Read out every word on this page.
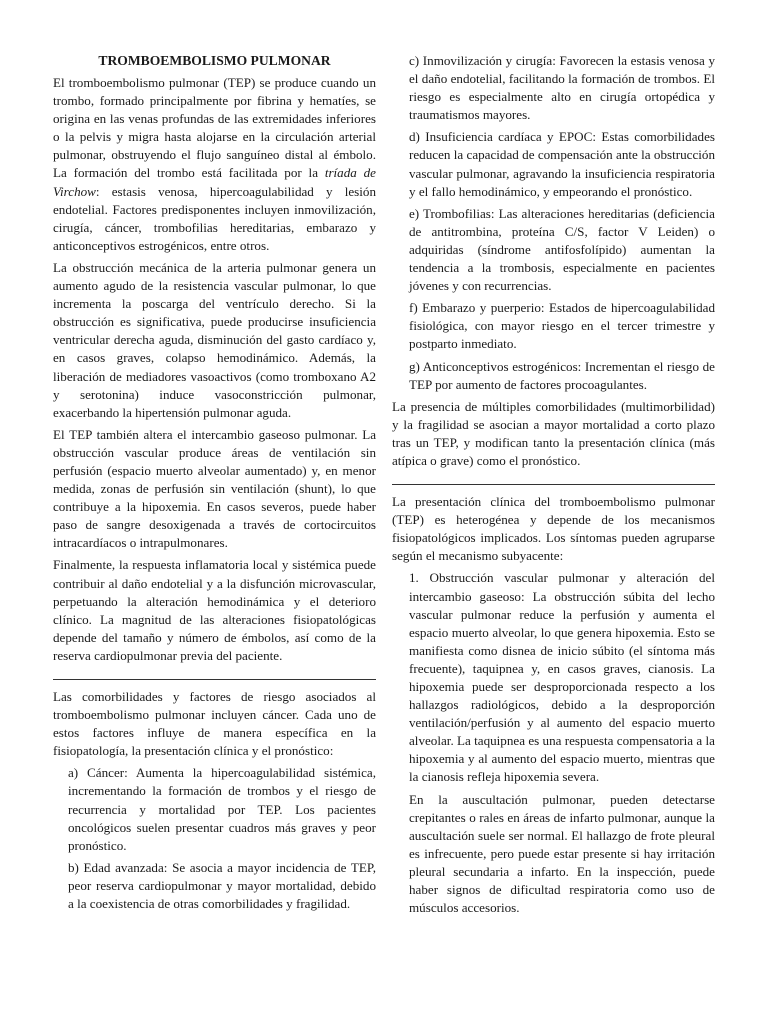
TROMBOEMBOLISMO PULMONAR

El tromboembolismo pulmonar (TEP) se produce cuando un trombo, formado principalmente por fibrina y hematíes, se origina en las venas profundas de las extremidades inferiores o la pelvis y migra hasta alojarse en la circulación arterial pulmonar, obstruyendo el flujo sanguíneo distal al émbolo. La formación del trombo está facilitada por la tríada de Virchow: estasis venosa, hipercoagulabilidad y lesión endotelial. Factores predisponentes incluyen inmovilización, cirugía, cáncer, trombofilias hereditarias, embarazo y anticonceptivos estrogénicos, entre otros.

La obstrucción mecánica de la arteria pulmonar genera un aumento agudo de la resistencia vascular pulmonar, lo que incrementa la poscarga del ventrículo derecho. Si la obstrucción es significativa, puede producirse insuficiencia ventricular derecha aguda, disminución del gasto cardíaco y, en casos graves, colapso hemodinámico. Además, la liberación de mediadores vasoactivos (como tromboxano A2 y serotonina) induce vasoconstricción pulmonar, exacerbando la hipertensión pulmonar aguda.

El TEP también altera el intercambio gaseoso pulmonar. La obstrucción vascular produce áreas de ventilación sin perfusión (espacio muerto alveolar aumentado) y, en menor medida, zonas de perfusión sin ventilación (shunt), lo que contribuye a la hipoxemia. En casos severos, puede haber paso de sangre desoxigenada a través de cortocircuitos intracardíacos o intrapulmonares.

Finalmente, la respuesta inflamatoria local y sistémica puede contribuir al daño endotelial y a la disfunción microvascular, perpetuando la alteración hemodinámica y el deterioro clínico. La magnitud de las alteraciones fisiopatológicas depende del tamaño y número de émbolos, así como de la reserva cardiopulmonar previa del paciente.

Las comorbilidades y factores de riesgo asociados al tromboembolismo pulmonar incluyen cáncer. Cada uno de estos factores influye de manera específica en la fisiopatología, la presentación clínica y el pronóstico:

a) Cáncer: Aumenta la hipercoagulabilidad sistémica, incrementando la formación de trombos y el riesgo de recurrencia y mortalidad por TEP. Los pacientes oncológicos suelen presentar cuadros más graves y peor pronóstico.

b) Edad avanzada: Se asocia a mayor incidencia de TEP, peor reserva cardiopulmonar y mayor mortalidad, debido a la coexistencia de otras comorbilidades y fragilidad.

c) Inmovilización y cirugía: Favorecen la estasis venosa y el daño endotelial, facilitando la formación de trombos. El riesgo es especialmente alto en cirugía ortopédica y traumatismos mayores.

d) Insuficiencia cardíaca y EPOC: Estas comorbilidades reducen la capacidad de compensación ante la obstrucción vascular pulmonar, agravando la insuficiencia respiratoria y el fallo hemodinámico, y empeorando el pronóstico.

e) Trombofilias: Las alteraciones hereditarias (deficiencia de antitrombina, proteína C/S, factor V Leiden) o adquiridas (síndrome antifosfolípido) aumentan la tendencia a la trombosis, especialmente en pacientes jóvenes y con recurrencias.

f) Embarazo y puerperio: Estados de hipercoagulabilidad fisiológica, con mayor riesgo en el tercer trimestre y postparto inmediato.

g) Anticonceptivos estrogénicos: Incrementan el riesgo de TEP por aumento de factores procoagulantes.

La presencia de múltiples comorbilidades (multimorbilidad) y la fragilidad se asocian a mayor mortalidad a corto plazo tras un TEP, y modifican tanto la presentación clínica (más atípica o grave) como el pronóstico.

La presentación clínica del tromboembolismo pulmonar (TEP) es heterogénea y depende de los mecanismos fisiopatológicos implicados. Los síntomas pueden agruparse según el mecanismo subyacente:

1. Obstrucción vascular pulmonar y alteración del intercambio gaseoso: La obstrucción súbita del lecho vascular pulmonar reduce la perfusión y aumenta el espacio muerto alveolar, lo que genera hipoxemia. Esto se manifiesta como disnea de inicio súbito (el síntoma más frecuente), taquipnea y, en casos graves, cianosis. La hipoxemia puede ser desproporcionada respecto a los hallazgos radiológicos, debido a la desproporción ventilación/perfusión y al aumento del espacio muerto alveolar. La taquipnea es una respuesta compensatoria a la hipoxemia y al aumento del espacio muerto, mientras que la cianosis refleja hipoxemia severa.

En la auscultación pulmonar, pueden detectarse crepitantes o rales en áreas de infarto pulmonar, aunque la auscultación suele ser normal. El hallazgo de frote pleural es infrecuente, pero puede estar presente si hay irritación pleural secundaria a infarto. En la inspección, puede haber signos de dificultad respiratoria como uso de músculos accesorios.
